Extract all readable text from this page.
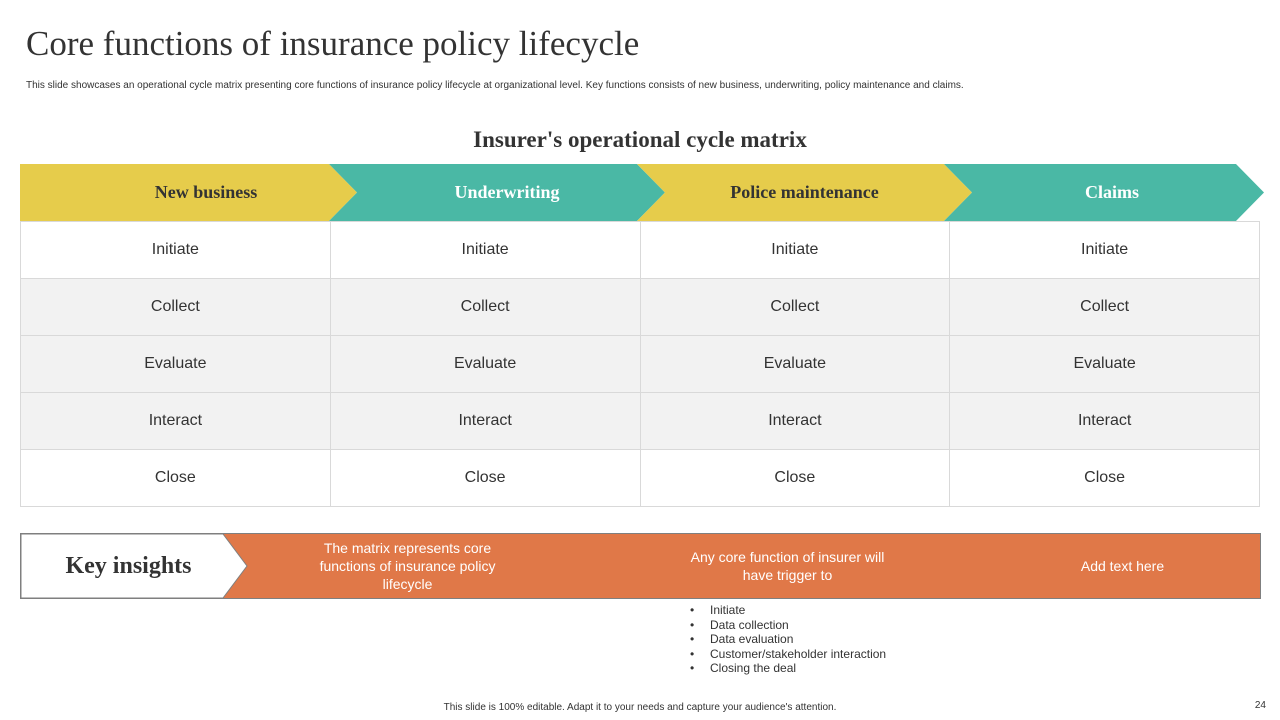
Core functions of insurance policy lifecycle
This slide showcases an operational cycle matrix presenting core functions of insurance policy lifecycle at organizational level. Key functions consists of new business, underwriting, policy maintenance and claims.
Insurer's operational cycle matrix
New business	Underwriting	Police maintenance	Claims
Initiate	Initiate	Initiate	Initiate
Collect	Collect	Collect	Collect
Evaluate	Evaluate	Evaluate	Evaluate
Interact	Interact	Interact	Interact
Close	Close	Close	Close
Key insights
The matrix represents core functions of insurance policy lifecycle
Any core function of insurer will have trigger to
Add text here
• Initiate
• Data collection
• Data evaluation
• Customer/stakeholder interaction
• Closing the deal
This slide is 100% editable. Adapt it to your needs and capture your audience's attention.	24
